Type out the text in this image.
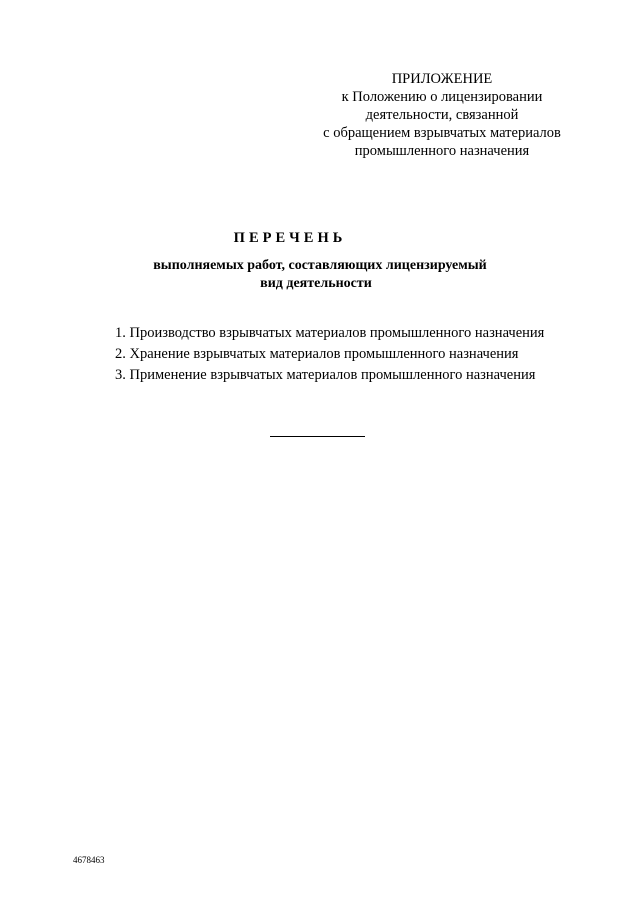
ПРИЛОЖЕНИЕ
к Положению о лицензировании
деятельности, связанной
с обращением взрывчатых материалов
промышленного назначения
ПЕРЕЧЕНЬ
выполняемых работ, составляющих лицензируемый
вид деятельности
1. Производство взрывчатых материалов промышленного назначения
2. Хранение взрывчатых материалов промышленного назначения
3. Применение взрывчатых материалов промышленного назначения
4678463
